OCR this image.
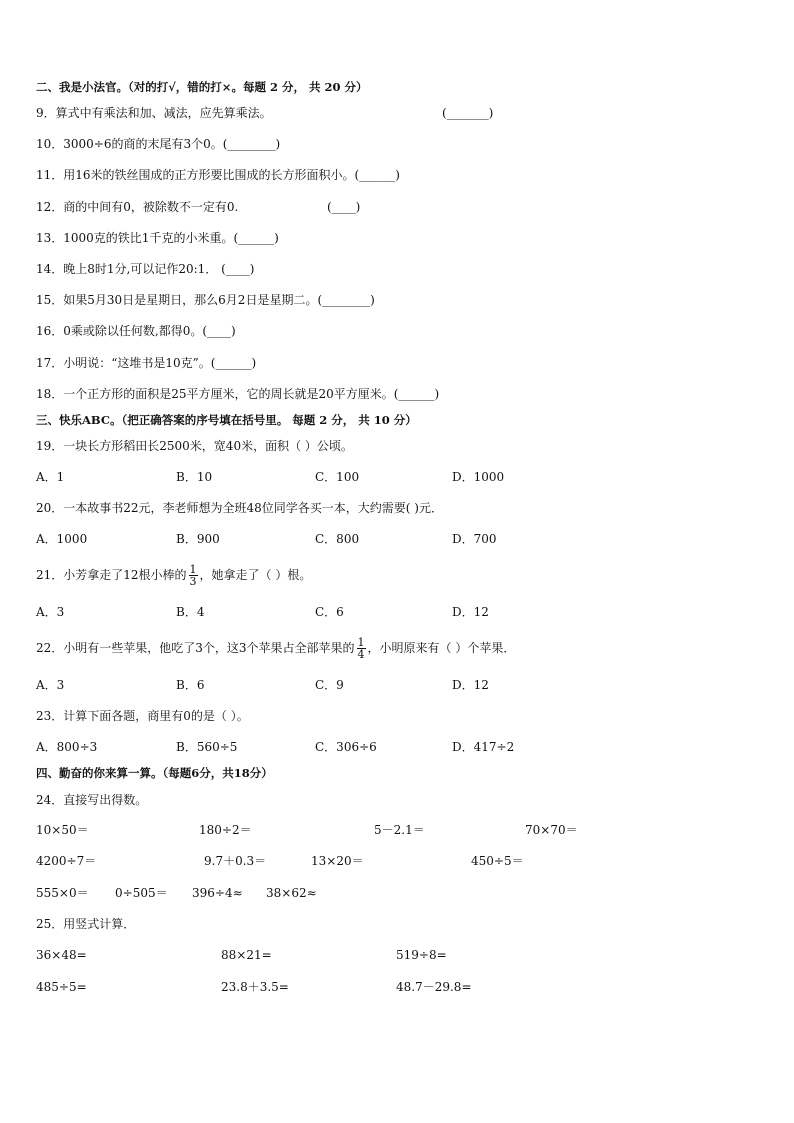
二、我是小法官。（对的打√，错的打×。每题 2 分， 共 20 分）
9．算式中有乘法和加、减法，应先算乘法。	(_______)
10．3000÷6的商的末尾有3个0。(________)
11．用16米的铁丝围成的正方形要比围成的长方形面积小。(______)
12．商的中间有0，被除数不一定有0.	(____)
13．1000克的铁比1千克的小米重。(______)
14．晚上8时1分,可以记作20:1． (____)
15．如果5月30日是星期日，那么6月2日是星期二。(________)
16．0乘或除以任何数,都得0。(____)
17．小明说：“这堆书是10克”。(______)
18．一个正方形的面积是25平方厘米，它的周长就是20平方厘米。(______)
三、快乐ABC。（把正确答案的序号填在括号里。 每题 2 分， 共 10 分）
19．一块长方形稻田长2500米，宽40米，面积（ ）公顷。
A．1	B．10	C．100	D．1000
20．一本故事书22元，李老师想为全班48位同学各买一本，大约需要( )元．
A．1000	B．900	C．800	D．700
21．小芳拿走了12根小棒的 $\frac{1}{3}$ ，她拿走了（ ）根。
A．3	B．4	C．6	D．12
22．小明有一些苹果，他吃了3个，这3个苹果占全部苹果的 $\frac{1}{4}$ ，小明原来有（ ）个苹果．
A．3	B．6	C．9	D．12
23．计算下面各题，商里有0的是（ ）。
A．800÷3	B．560÷5	C．306÷6	D．417÷2
四、勤奋的你来算一算。（每题6分，共18分）
24．直接写出得数。
10×50＝	180÷2＝	5－2.1＝	70×70＝
4200÷7＝	9.7＋0.3＝	13×20＝	450÷5＝
555×0＝ 0÷505＝ 396÷4≈ 38×62≈
25．用竖式计算．
36×48=	88×21=	519÷8=
485÷5=	23.8＋3.5=	48.7－29.8=
